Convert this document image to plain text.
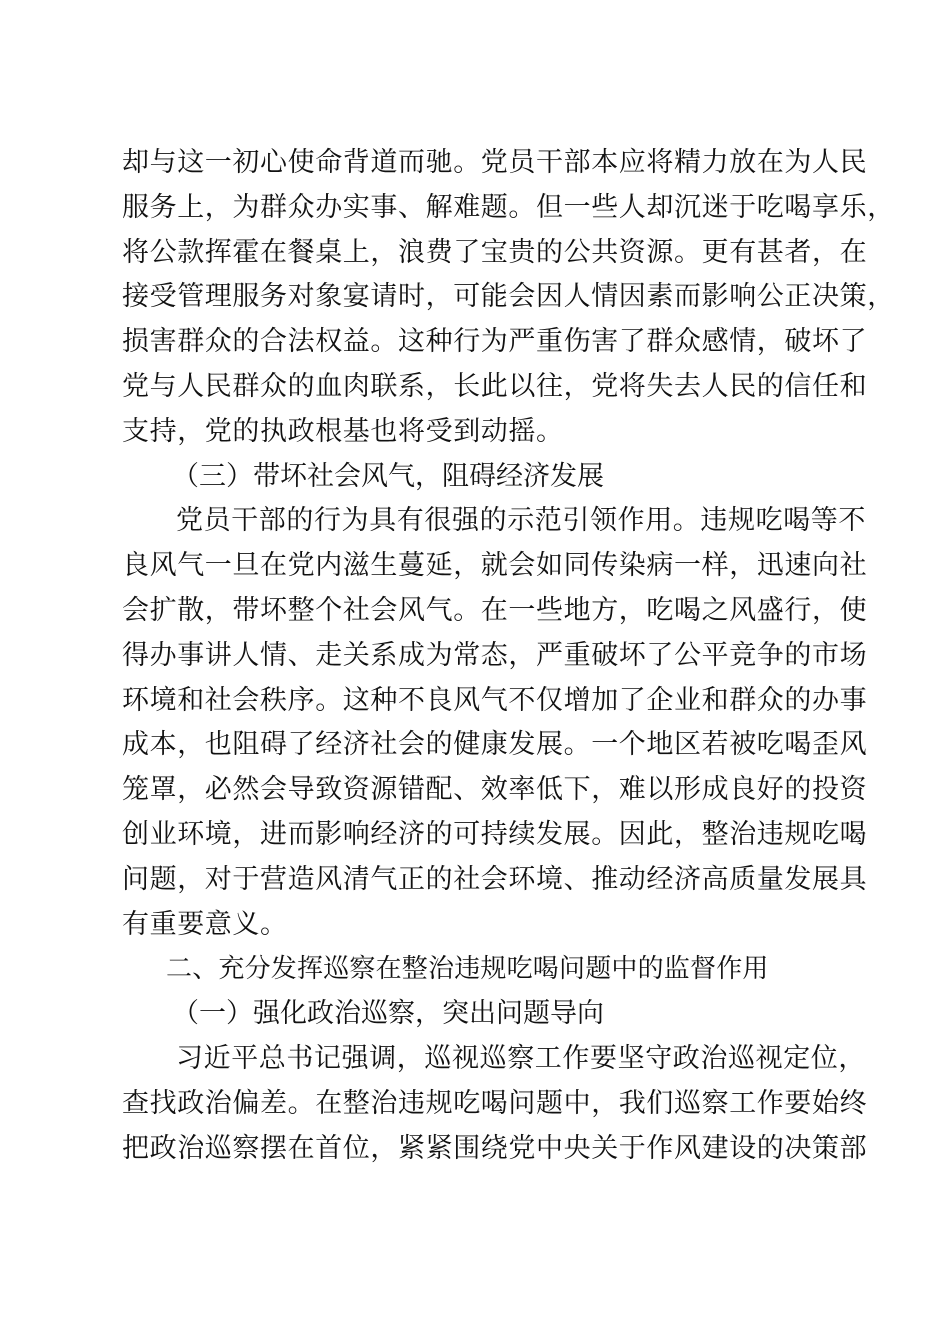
却与这一初心使命背道而驰。党员干部本应将精力放在为人民
服务上，为群众办实事、解难题。但一些人却沉迷于吃喝享乐，
将公款挥霍在餐桌上，浪费了宝贵的公共资源。更有甚者，在
接受管理服务对象宴请时，可能会因人情因素而影响公正决策，
损害群众的合法权益。这种行为严重伤害了群众感情，破坏了
党与人民群众的血肉联系，长此以往，党将失去人民的信任和
支持，党的执政根基也将受到动摇。
（三）带坏社会风气，阻碍经济发展
党员干部的行为具有很强的示范引领作用。违规吃喝等不
良风气一旦在党内滋生蔓延，就会如同传染病一样，迅速向社
会扩散，带坏整个社会风气。在一些地方，吃喝之风盛行，使
得办事讲人情、走关系成为常态，严重破坏了公平竞争的市场
环境和社会秩序。这种不良风气不仅增加了企业和群众的办事
成本，也阻碍了经济社会的健康发展。一个地区若被吃喝歪风
笼罩，必然会导致资源错配、效率低下，难以形成良好的投资
创业环境，进而影响经济的可持续发展。因此，整治违规吃喝
问题，对于营造风清气正的社会环境、推动经济高质量发展具
有重要意义。
二、充分发挥巡察在整治违规吃喝问题中的监督作用
（一）强化政治巡察，突出问题导向
习近平总书记强调，巡视巡察工作要坚守政治巡视定位，
查找政治偏差。在整治违规吃喝问题中，我们巡察工作要始终
把政治巡察摆在首位，紧紧围绕党中央关于作风建设的决策部
